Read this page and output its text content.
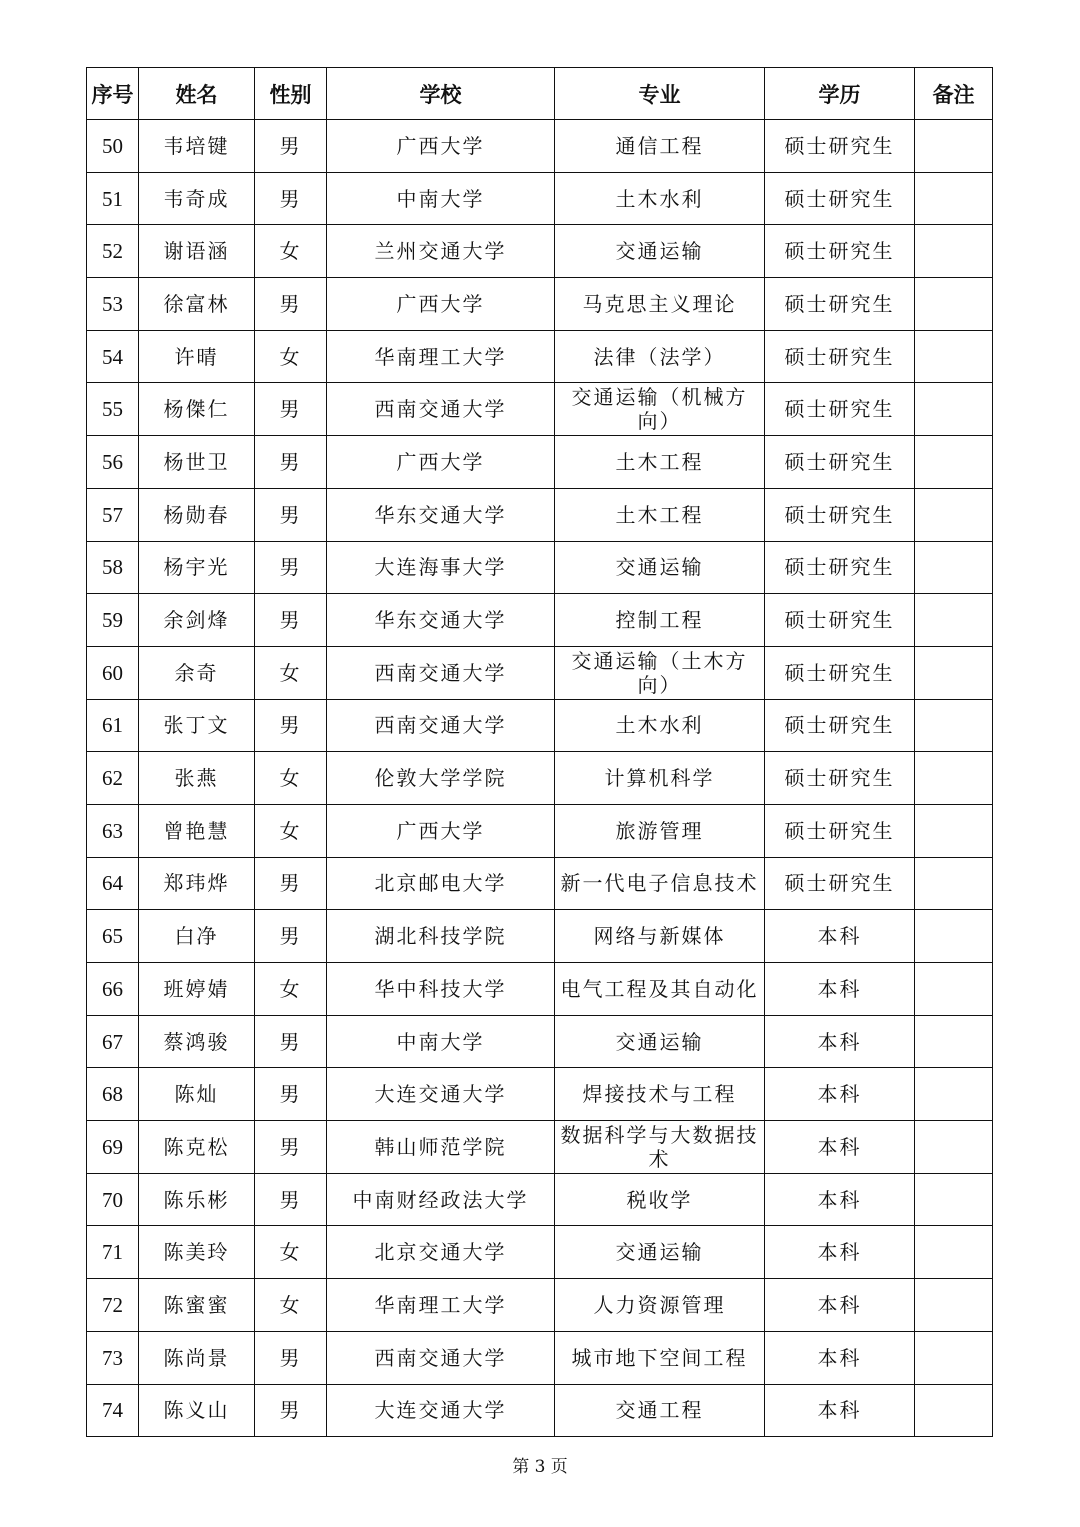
序号	姓名	性别	学校	专业	学历	备注
50	韦培键	男	广西大学	通信工程	硕士研究生	
51	韦奇成	男	中南大学	土木水利	硕士研究生	
52	谢语涵	女	兰州交通大学	交通运输	硕士研究生	
53	徐富林	男	广西大学	马克思主义理论	硕士研究生	
54	许晴	女	华南理工大学	法律（法学）	硕士研究生	
55	杨傑仁	男	西南交通大学	交通运输（机械方向）	硕士研究生	
56	杨世卫	男	广西大学	土木工程	硕士研究生	
57	杨勋春	男	华东交通大学	土木工程	硕士研究生	
58	杨宇光	男	大连海事大学	交通运输	硕士研究生	
59	余剑烽	男	华东交通大学	控制工程	硕士研究生	
60	余奇	女	西南交通大学	交通运输（土木方向）	硕士研究生	
61	张丁文	男	西南交通大学	土木水利	硕士研究生	
62	张燕	女	伦敦大学学院	计算机科学	硕士研究生	
63	曾艳慧	女	广西大学	旅游管理	硕士研究生	
64	郑玮烨	男	北京邮电大学	新一代电子信息技术	硕士研究生	
65	白净	男	湖北科技学院	网络与新媒体	本科	
66	班婷婧	女	华中科技大学	电气工程及其自动化	本科	
67	蔡鸿骏	男	中南大学	交通运输	本科	
68	陈灿	男	大连交通大学	焊接技术与工程	本科	
69	陈克松	男	韩山师范学院	数据科学与大数据技术	本科	
70	陈乐彬	男	中南财经政法大学	税收学	本科	
71	陈美玲	女	北京交通大学	交通运输	本科	
72	陈蜜蜜	女	华南理工大学	人力资源管理	本科	
73	陈尚景	男	西南交通大学	城市地下空间工程	本科	
74	陈义山	男	大连交通大学	交通工程	本科	
第 3 页
